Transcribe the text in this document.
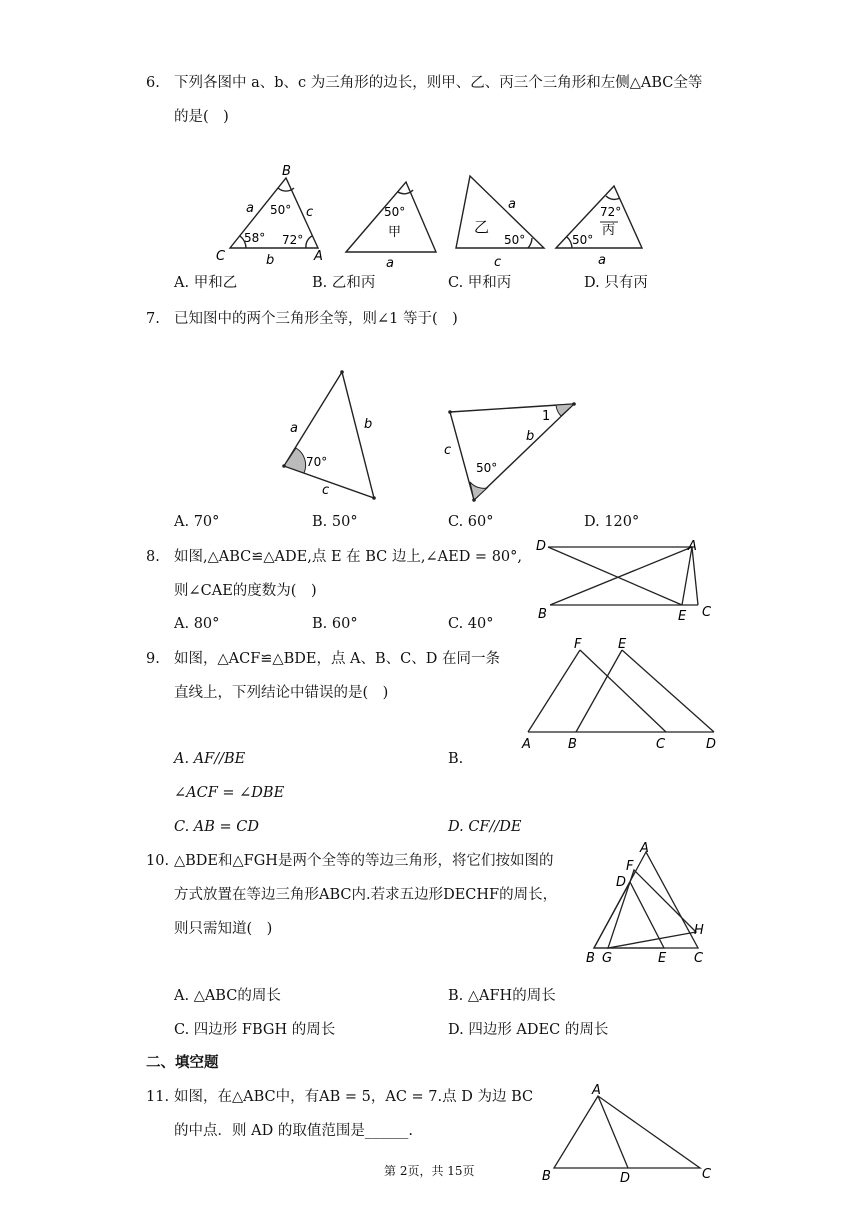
6. 下列各图中 a、b、c 为三角形的边长，则甲、乙、丙三个三角形和左侧△ABC全等
的是(　)
B
C	A
a	c
b
50°
58° 72°
50°
甲
a
乙
50°
a
c
72°
丙
50°
a
A. 甲和乙	B. 乙和丙	C. 甲和丙	D. 只有丙
7. 已知图中的两个三角形全等，则∠1 等于(　)
a	b
c
70°
c
b
50°
1
A. 70°	B. 50°	C. 60°	D. 120°
8. 如图,△ABC≌△ADE,点 E 在 BC 边上,∠AED = 80°,
则∠CAE的度数为(　)
D	A
B	E C
A. 80°	B. 60°	C. 40°
9. 如图，△ACF≌△BDE，点 A、B、C、D 在同一条
直线上，下列结论中错误的是(　)
F	E
A	B	C	D
A. AF//BE	B.
∠ACF = ∠DBE
C. AB = CD	D. CF//DE
10. △BDE和△FGH是两个全等的等边三角形，将它们按如图的
方式放置在等边三角形ABC内.若求五边形DECHF的周长，
则只需知道(　)
A
F
D
H
B G	E C
A. △ABC的周长	B. △AFH的周长
C. 四边形 FBGH 的周长	D. 四边形 ADEC 的周长
二、填空题
11. 如图，在△ABC中，有AB = 5，AC = 7.点 D 为边 BC
的中点．则 AD 的取值范围是______.
A
B	D	C
第 2页，共 15页
